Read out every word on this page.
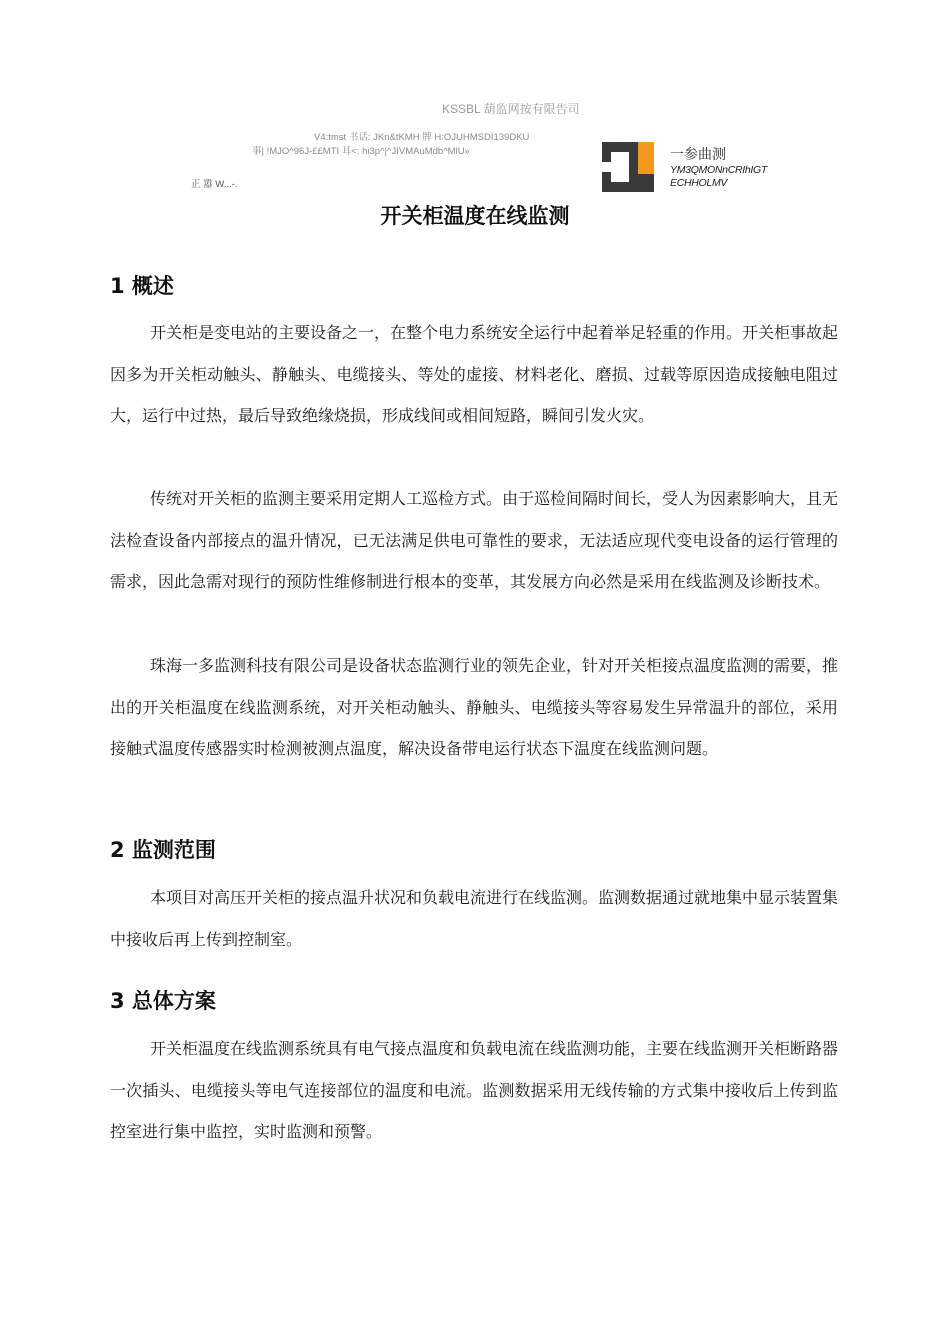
KSSBL 葫监网按有限告司
V4:tmst 书话: JKn&tKMH 牌 H:OJUHMSDI139DKU
事| !MJO^96J-££MTI 耳<: hi3p^|^JIVMAuMdb^MlU»
正 嚣 W...-.
一参曲测
YM3QMONnCRIhIGT ECHHOLMV
开关柜温度在线监测
1 概述

开关柜是变电站的主要设备之一，在整个电力系统安全运行中起着举足轻重的作用。开关柜事故起因多为开关柜动触头、静触头、电缆接头、等处的虚接、材料老化、磨损、过载等原因造成接触电阻过大，运行中过热，最后导致绝缘烧损，形成线间或相间短路，瞬间引发火灾。

传统对开关柜的监测主要采用定期人工巡检方式。由于巡检间隔时间长，受人为因素影响大，且无法检查设备内部接点的温升情况，已无法满足供电可靠性的要求，无法适应现代变电设备的运行管理的需求，因此急需对现行的预防性维修制进行根本的变革，其发展方向必然是采用在线监测及诊断技术。

珠海一多监测科技有限公司是设备状态监测行业的领先企业，针对开关柜接点温度监测的需要，推出的开关柜温度在线监测系统，对开关柜动触头、静触头、电缆接头等容易发生异常温升的部位，采用接触式温度传感器实时检测被测点温度，解决设备带电运行状态下温度在线监测问题。

2 监测范围

本项目对高压开关柜的接点温升状况和负载电流进行在线监测。监测数据通过就地集中显示装置集中接收后再上传到控制室。

3 总体方案

开关柜温度在线监测系统具有电气接点温度和负载电流在线监测功能，主要在线监测开关柜断路器一次插头、电缆接头等电气连接部位的温度和电流。监测数据采用无线传输的方式集中接收后上传到监控室进行集中监控，实时监测和预警。
